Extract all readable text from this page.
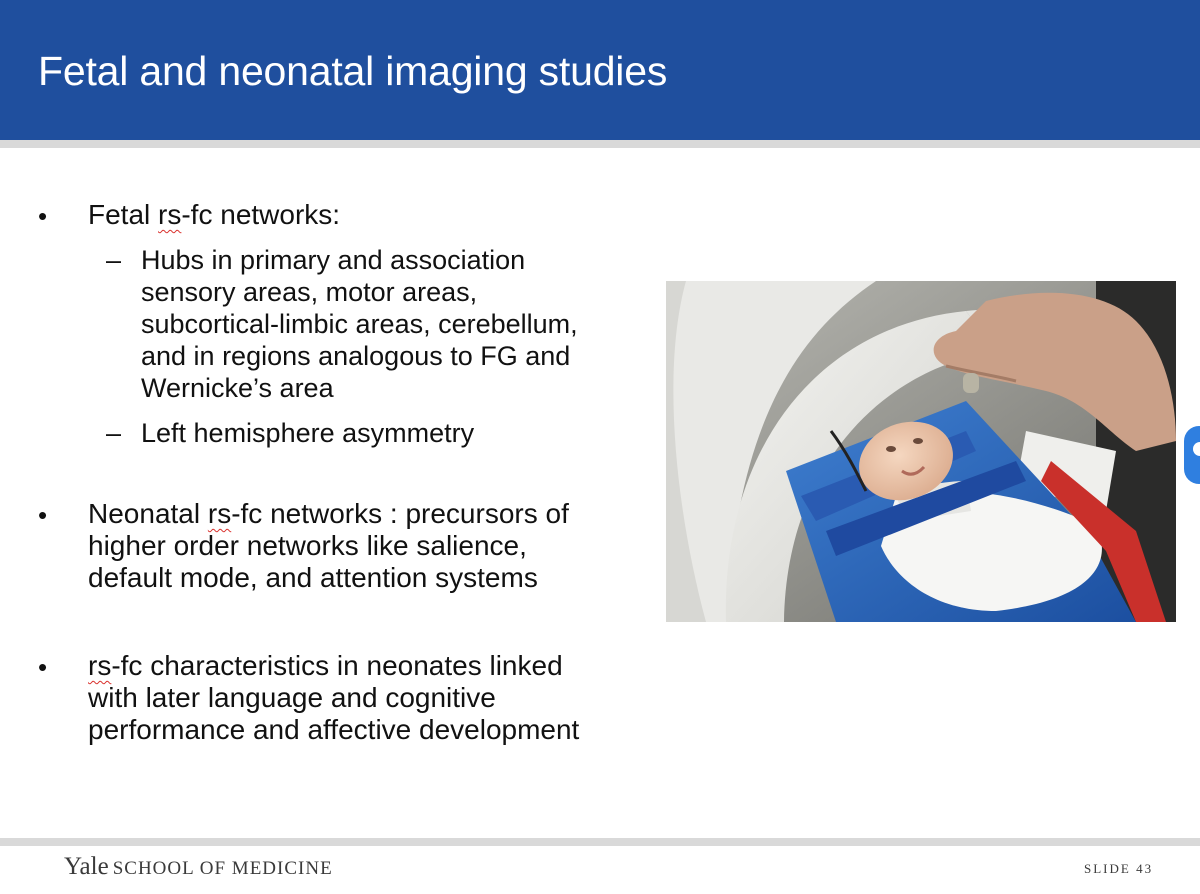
Fetal and neonatal imaging studies
• Fetal rs-fc networks:
– Hubs in primary and association
sensory areas, motor areas,
subcortical-limbic areas, cerebellum,
and in regions analogous to FG and
Wernicke’s area
– Left hemisphere asymmetry
• Neonatal rs-fc networks : precursors of
higher order networks like salience,
default mode, and attention systems
• rs-fc characteristics in neonates linked
with later language and cognitive
performance and affective development
Yale SCHOOL OF MEDICINE	SLIDE 43
